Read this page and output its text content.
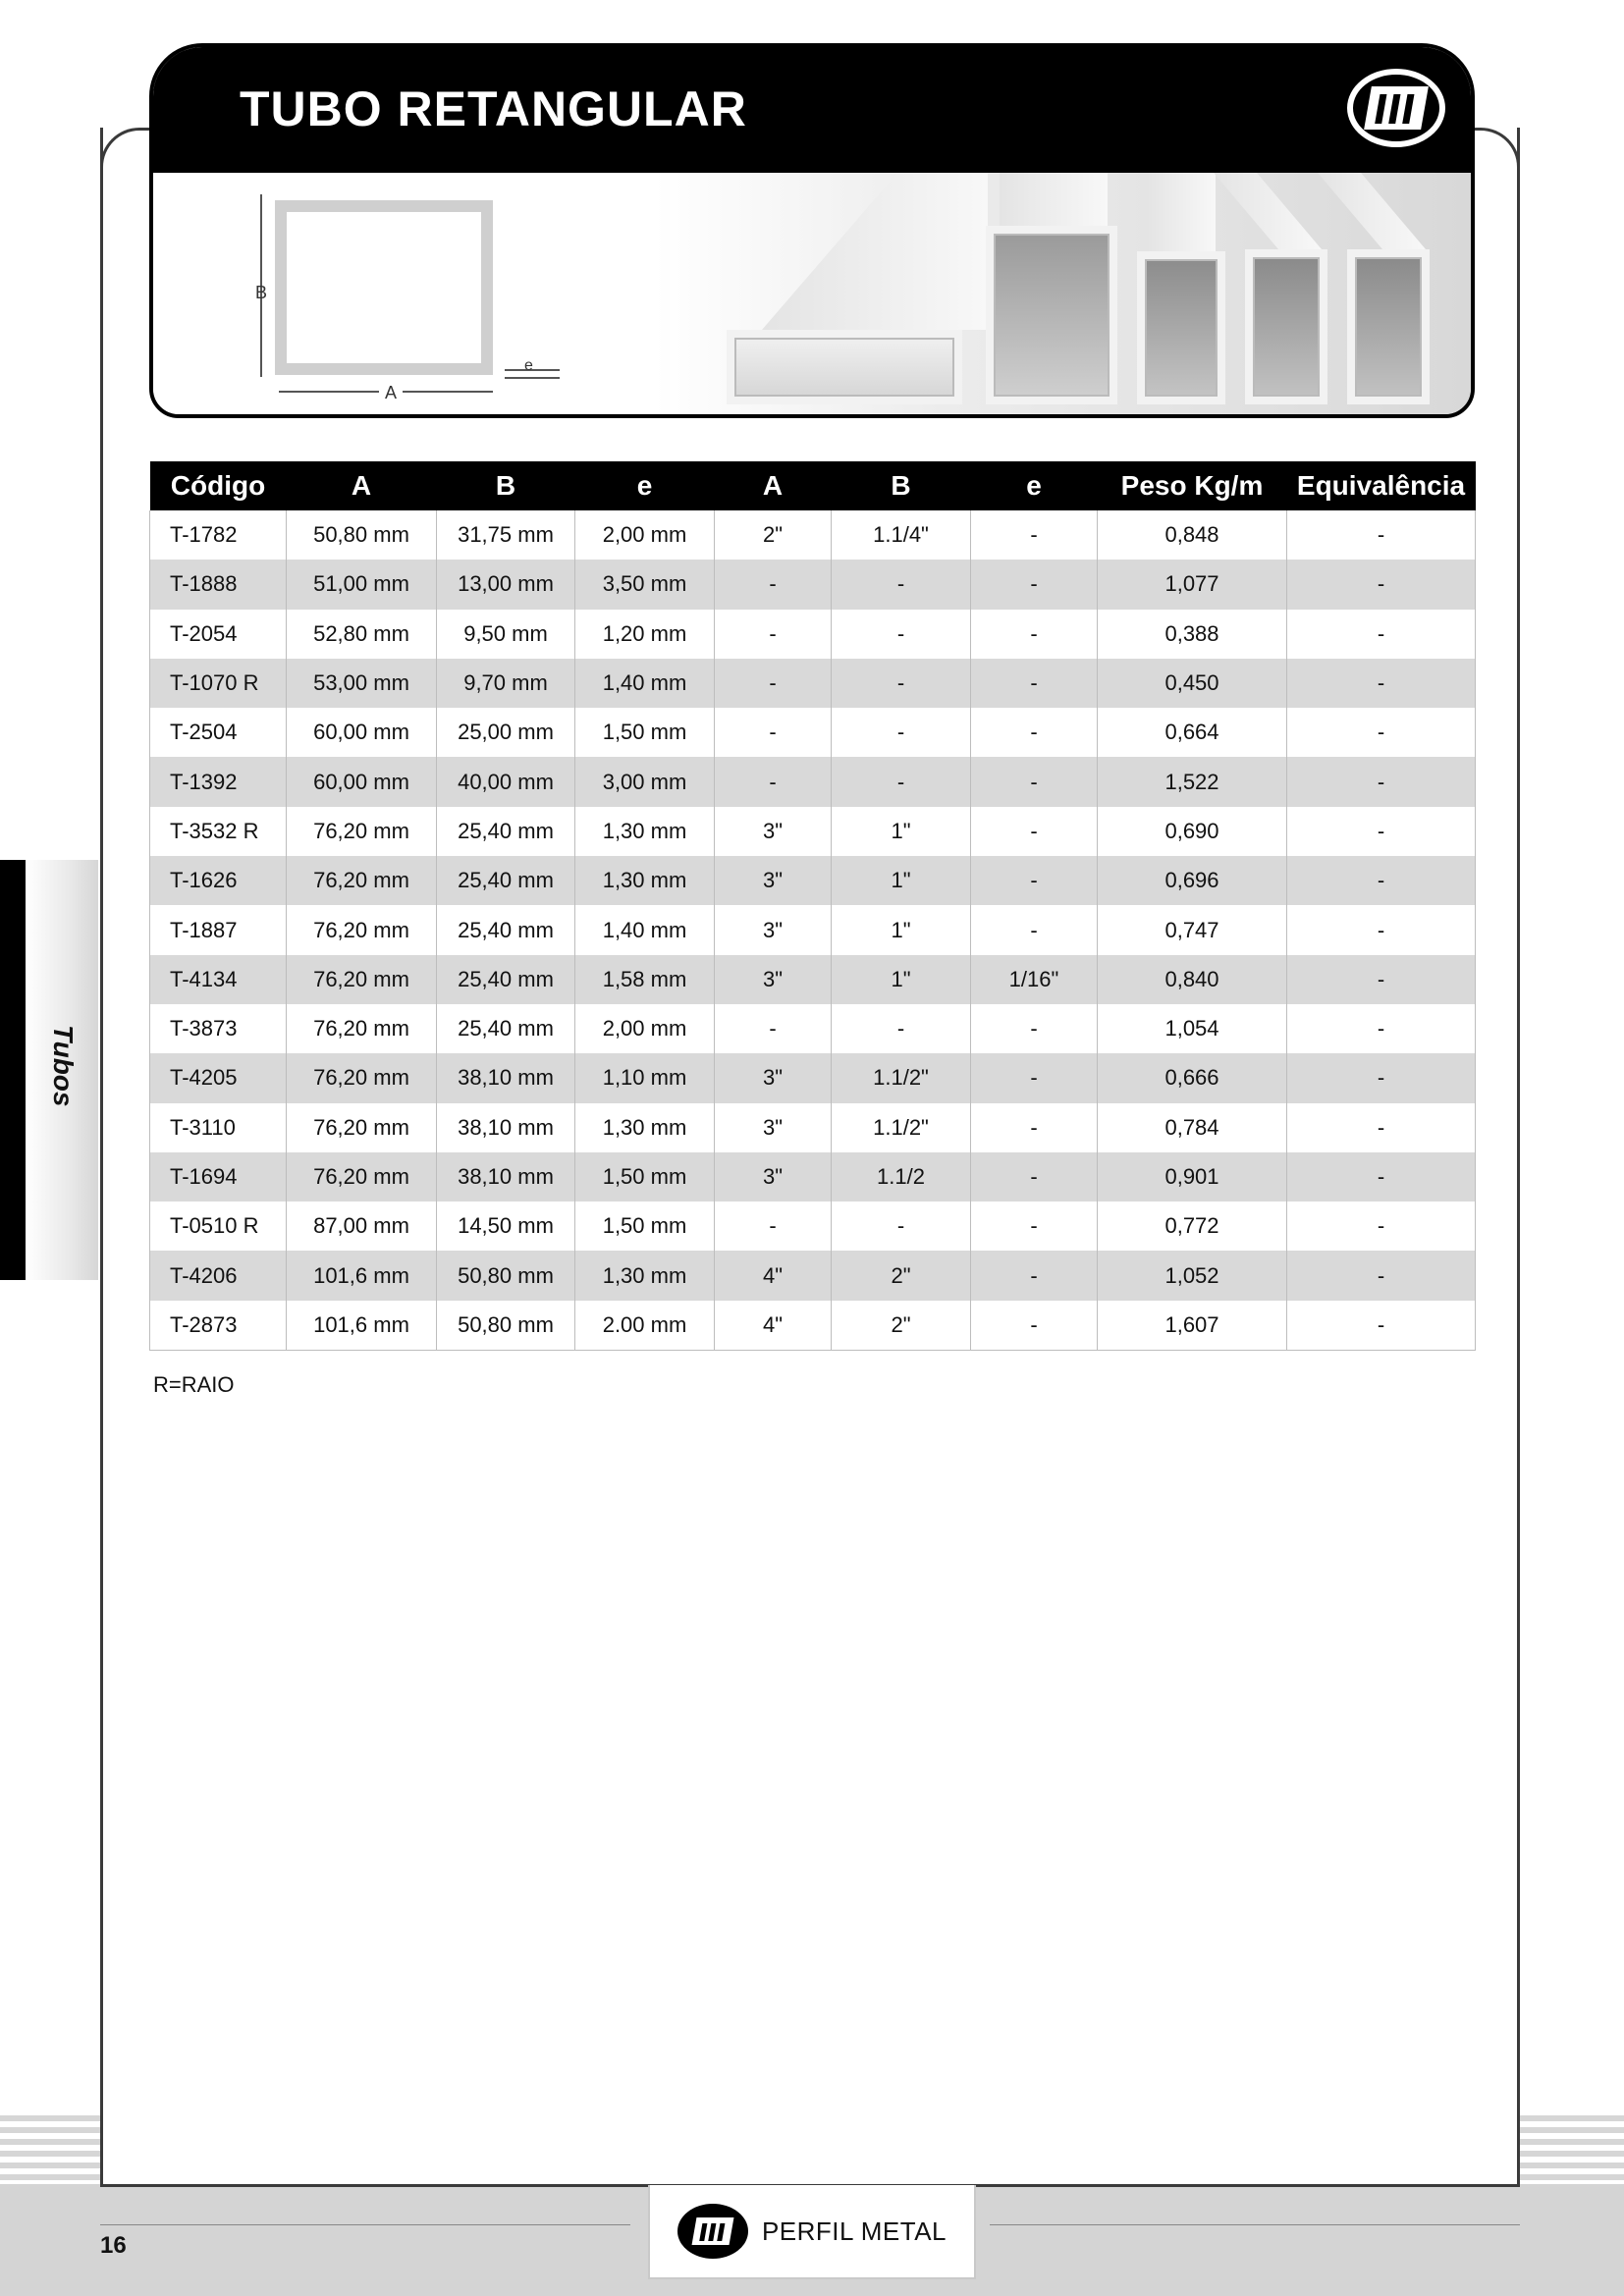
TUBO RETANGULAR
B
A
e
Código	A	B	e	A	B	e	Peso Kg/m	Equivalência
T-1782	50,80 mm	31,75 mm	2,00 mm	2"	1.1/4"	-	0,848	-
T-1888	51,00 mm	13,00 mm	3,50 mm	-	-	-	1,077	-
T-2054	52,80 mm	9,50 mm	1,20 mm	-	-	-	0,388	-
T-1070 R	53,00 mm	9,70 mm	1,40 mm	-	-	-	0,450	-
T-2504	60,00 mm	25,00 mm	1,50 mm	-	-	-	0,664	-
T-1392	60,00 mm	40,00 mm	3,00 mm	-	-	-	1,522	-
T-3532 R	76,20 mm	25,40 mm	1,30 mm	3"	1"	-	0,690	-
T-1626	76,20 mm	25,40 mm	1,30 mm	3"	1"	-	0,696	-
T-1887	76,20 mm	25,40 mm	1,40 mm	3"	1"	-	0,747	-
T-4134	76,20 mm	25,40 mm	1,58 mm	3"	1"	1/16"	0,840	-
T-3873	76,20 mm	25,40 mm	2,00 mm	-	-	-	1,054	-
T-4205	76,20 mm	38,10 mm	1,10 mm	3"	1.1/2"	-	0,666	-
T-3110	76,20 mm	38,10 mm	1,30 mm	3"	1.1/2"	-	0,784	-
T-1694	76,20 mm	38,10 mm	1,50 mm	3"	1.1/2	-	0,901	-
T-0510 R	87,00 mm	14,50 mm	1,50 mm	-	-	-	0,772	-
T-4206	101,6 mm	50,80 mm	1,30 mm	4"	2"	-	1,052	-
T-2873	101,6 mm	50,80 mm	2.00 mm	4"	2"	-	1,607	-
R=RAIO
Tubos
16	PERFIL METAL
